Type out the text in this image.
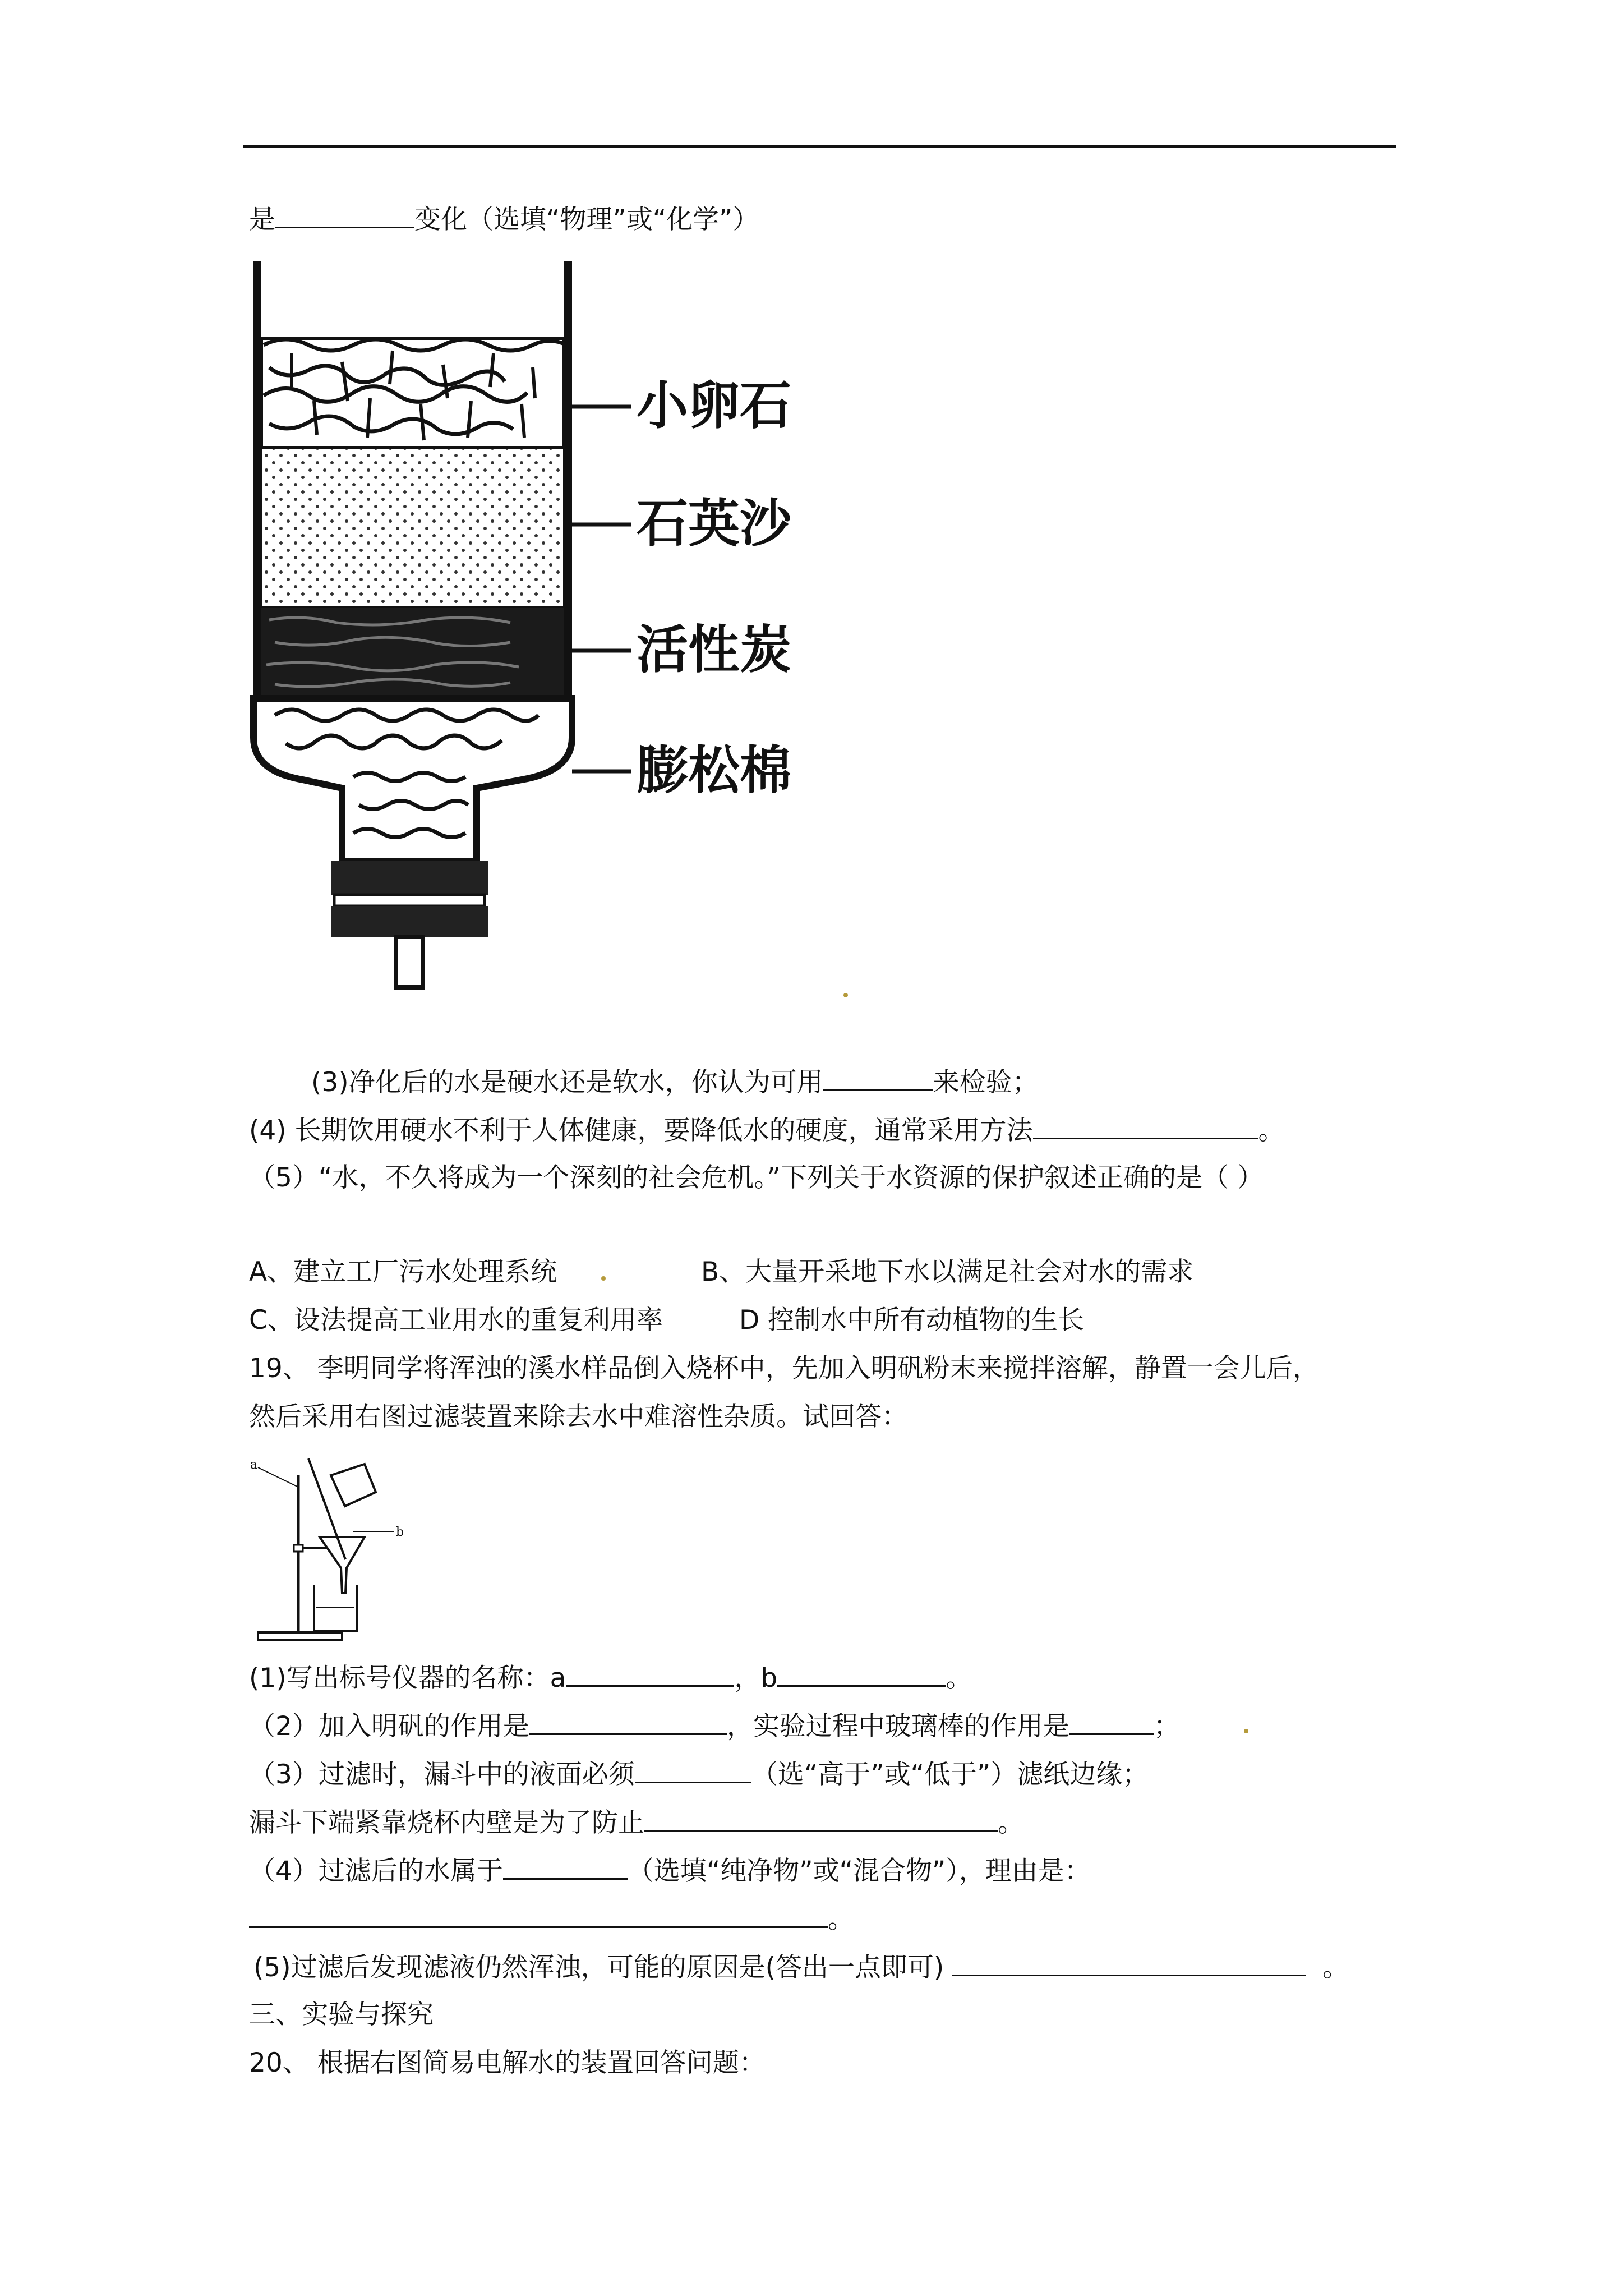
是	变化（选填“物理”或“化学”）
小卵石
石英沙
活性炭
膨松棉
(3)净化后的水是硬水还是软水，你认为可用	来检验；
(4) 长期饮用硬水不利于人体健康，要降低水的硬度，通常采用方法	。
（5）“水，不久将成为一个深刻的社会危机。”下列关于水资源的保护叙述正确的是（ ）
A、建立工厂污水处理系统	B、大量开采地下水以满足社会对水的需求
C、设法提高工业用水的重复利用率	D 控制水中所有动植物的生长
19、 李明同学将浑浊的溪水样品倒入烧杯中，先加入明矾粉末来搅拌溶解，静置一会儿后，
然后采用右图过滤装置来除去水中难溶性杂质。试回答：
a
b
(1)写出标号仪器的名称：a	，b	。
（2）加入明矾的作用是	，实验过程中玻璃棒的作用是	；
（3）过滤时，漏斗中的液面必须	（选“高于”或“低于”）滤纸边缘；
漏斗下端紧靠烧杯内壁是为了防止	。
（4）过滤后的水属于	（选填“纯净物”或“混合物”），理由是：
。
(5)过滤后发现滤液仍然浑浊，可能的原因是(答出一点即可)	。
三、实验与探究
20、 根据右图简易电解水的装置回答问题：
